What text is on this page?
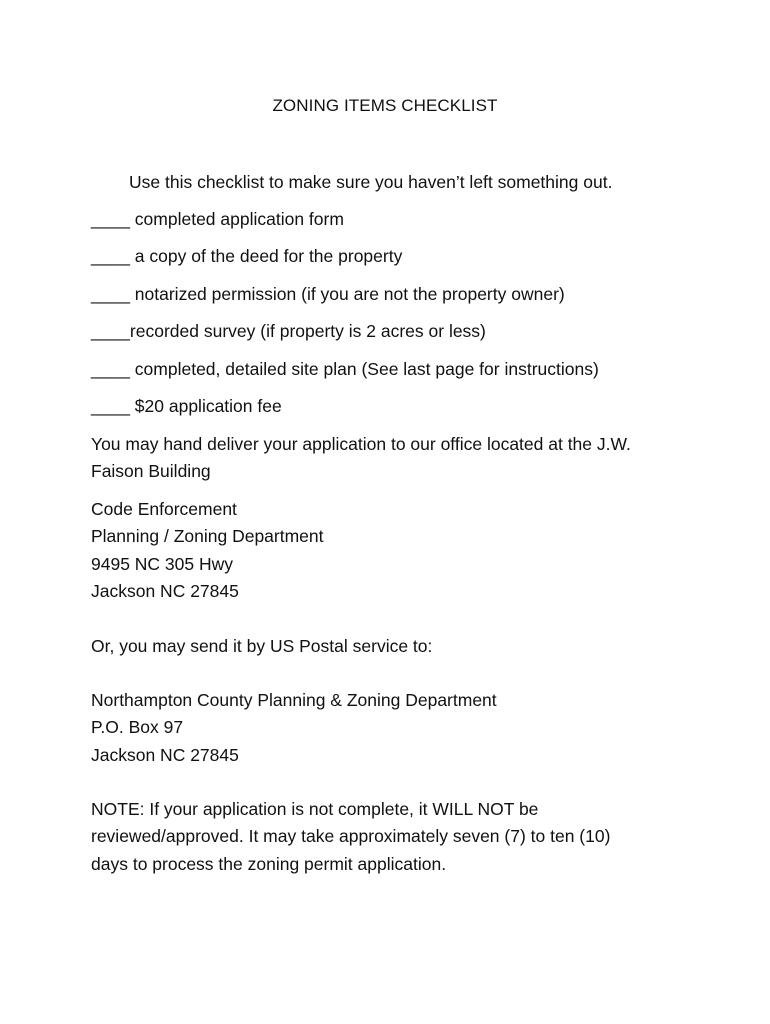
ZONING ITEMS CHECKLIST
Use this checklist to make sure you haven’t left something out.
____ completed application form
____ a copy of the deed for the property
____ notarized permission (if you are not the property owner)
____recorded survey (if property is 2 acres or less)
____ completed, detailed site plan (See last page for instructions)
____ $20 application fee
You may hand deliver your application to our office located at the J.W.
Faison Building
Code Enforcement
Planning / Zoning Department
9495 NC 305 Hwy
Jackson NC 27845
Or, you may send it by US Postal service to:
Northampton County Planning & Zoning Department
P.O. Box 97
Jackson NC 27845
NOTE: If your application is not complete, it WILL NOT be
reviewed/approved. It may take approximately seven (7) to ten (10)
days to process the zoning permit application.
